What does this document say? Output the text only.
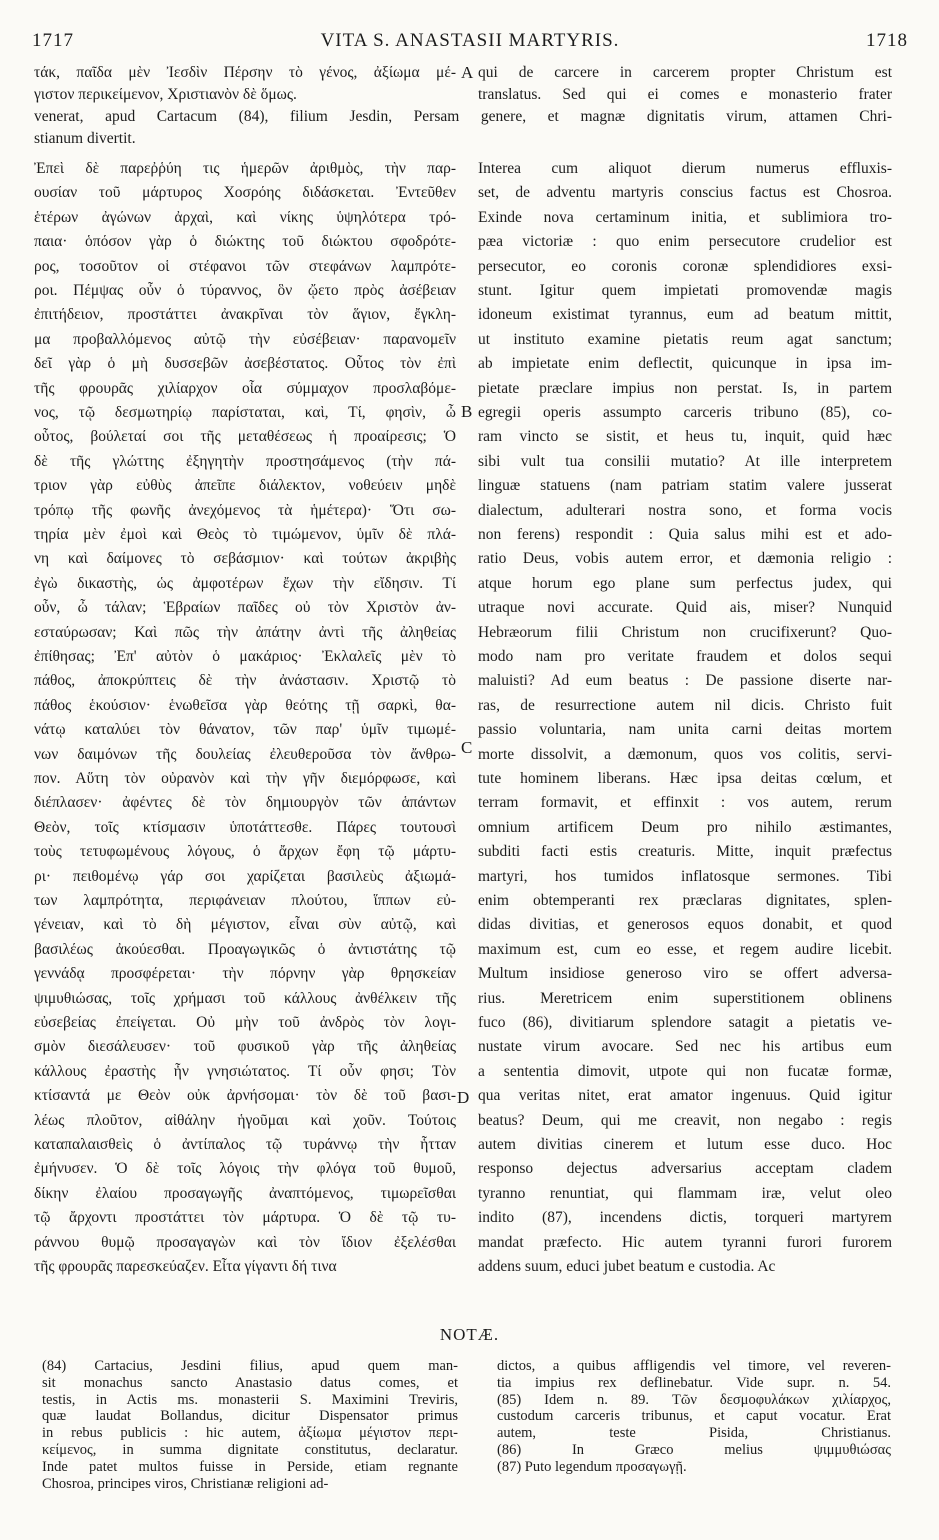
1717	VITA S. ANASTASII MARTYRIS.	1718
τάκ, παῖδα μὲν Ἰεσδὶν Πέρσην τὸ γένος, ἀξίωμα μέ-
γιστον περικείμενον, Χριστιανὸν δὲ ὅμως.
qui de carcere in carcerem propter Christum est
translatus. Sed qui ei comes e monasterio frater
venerat, apud Cartacum (84), filium Jesdin, Persam genere, et magnæ dignitatis virum, attamen Chri-
stianum divertit.
A
B
C
D
Ἐπεὶ δὲ παρεῤῥύη τις ἡμερῶν ἀριθμὸς, τὴν παρ-
ουσίαν τοῦ μάρτυρος Χοσρόης διδάσκεται. Ἐντεῦθεν
ἑτέρων ἀγώνων ἀρχαὶ, καὶ νίκης ὑψηλότερα τρό-
παια· ὁπόσον γὰρ ὁ διώκτης τοῦ διώκτου σφοδρότε-
ρος, τοσοῦτον οἱ στέφανοι τῶν στεφάνων λαμπρότε-
ροι. Πέμψας οὖν ὁ τύραννος, ὃν ᾤετο πρὸς ἀσέβειαν
ἐπιτήδειον, προστάττει ἀνακρῖναι τὸν ἅγιον, ἔγκλη-
μα προβαλλόμενος αὐτῷ τὴν εὐσέβειαν· παρανομεῖν
δεῖ γὰρ ὁ μὴ δυσσεβῶν ἀσεβέστατος. Οὗτος τὸν ἐπὶ
τῆς φρουρᾶς χιλίαρχον οἷα σύμμαχον προσλαβόμε-
νος, τῷ δεσμωτηρίῳ παρίσταται, καὶ, Τί, φησὶν, ὦ
οὗτος, βούλεταί σοι τῆς μεταθέσεως ἡ προαίρεσις; Ὁ
δὲ τῆς γλώττης ἐξηγητὴν προστησάμενος (τὴν πά-
τριον γὰρ εὐθὺς ἀπεῖπε διάλεκτον, νοθεύειν μηδὲ
τρόπῳ τῆς φωνῆς ἀνεχόμενος τὰ ἡμέτερα)· Ὅτι σω-
τηρία μὲν ἐμοὶ καὶ Θεὸς τὸ τιμώμενον, ὑμῖν δὲ πλά-
νη καὶ δαίμονες τὸ σεβάσμιον· καὶ τούτων ἀκριβὴς
ἐγὼ δικαστὴς, ὡς ἀμφοτέρων ἔχων τὴν εἴδησιν. Τί
οὖν, ὦ τάλαν; Ἑβραίων παῖδες οὐ τὸν Χριστὸν ἀν-
εσταύρωσαν; Καὶ πῶς τὴν ἀπάτην ἀντὶ τῆς ἀληθείας
ἐπίθησας; Ἐπ' αὐτὸν ὁ μακάριος· Ἐκλαλεῖς μὲν τὸ
πάθος, ἀποκρύπτεις δὲ τὴν ἀνάστασιν. Χριστῷ τὸ
πάθος ἑκούσιον· ἑνωθεῖσα γὰρ θεότης τῇ σαρκὶ, θα-
νάτῳ καταλύει τὸν θάνατον, τῶν παρ' ὑμῖν τιμωμέ-
νων δαιμόνων τῆς δουλείας ἐλευθεροῦσα τὸν ἄνθρω-
πον. Αὕτη τὸν οὐρανὸν καὶ τὴν γῆν διεμόρφωσε, καὶ
διέπλασεν· ἀφέντες δὲ τὸν δημιουργὸν τῶν ἁπάντων
Θεὸν, τοῖς κτίσμασιν ὑποτάττεσθε. Πάρες τουτουσὶ
τοὺς τετυφωμένους λόγους, ὁ ἄρχων ἔφη τῷ μάρτυ-
ρι· πειθομένῳ γάρ σοι χαρίζεται βασιλεὺς ἀξιωμά-
των λαμπρότητα, περιφάνειαν πλούτου, ἵππων εὐ-
γένειαν, καὶ τὸ δὴ μέγιστον, εἶναι σὺν αὐτῷ, καὶ
βασιλέως ἀκούεσθαι. Προαγωγικῶς ὁ ἀντιστάτης τῷ
γεννάδᾳ προσφέρεται· τὴν πόρνην γὰρ θρησκείαν
ψιμυθιώσας, τοῖς χρήμασι τοῦ κάλλους ἀνθέλκειν τῆς
εὐσεβείας ἐπείγεται. Οὐ μὴν τοῦ ἀνδρὸς τὸν λογι-
σμὸν διεσάλευσεν· τοῦ φυσικοῦ γὰρ τῆς ἀληθείας
κάλλους ἐραστὴς ἦν γνησιώτατος. Τί οὖν φησι; Τὸν
κτίσαντά με Θεὸν οὐκ ἀρνήσομαι· τὸν δὲ τοῦ βασι-
λέως πλοῦτον, αἰθάλην ἡγοῦμαι καὶ χοῦν. Τούτοις
καταπαλαισθεὶς ὁ ἀντίπαλος τῷ τυράννῳ τὴν ἧτταν
ἐμήνυσεν. Ὁ δὲ τοῖς λόγοις τὴν φλόγα τοῦ θυμοῦ,
δίκην ἐλαίου προσαγωγῆς ἀναπτόμενος, τιμωρεῖσθαι
τῷ ἄρχοντι προστάττει τὸν μάρτυρα. Ὁ δὲ τῷ τυ-
ράννου θυμῷ προσαγαγὼν καὶ τὸν ἴδιον ἐξελέσθαι
τῆς φρουρᾶς παρεσκεύαζεν. Εἶτα γίγαντι δή τινα
Interea cum aliquot dierum numerus effluxis-
set, de adventu martyris conscius factus est Chosroa.
Exinde nova certaminum initia, et sublimiora tro-
pæa victoriæ : quo enim persecutore crudelior est
persecutor, eo coronis coronæ splendidiores exsi-
stunt. Igitur quem impietati promovendæ magis
idoneum existimat tyrannus, eum ad beatum mittit,
ut instituto examine pietatis reum agat sanctum;
ab impietate enim deflectit, quicunque in ipsa im-
pietate præclare impius non perstat. Is, in partem
egregii operis assumpto carceris tribuno (85), co-
ram vincto se sistit, et heus tu, inquit, quid hæc
sibi vult tua consilii mutatio? At ille interpretem
linguæ statuens (nam patriam statim valere jusserat
dialectum, adulterari nostra sono, et forma vocis
non ferens) respondit : Quia salus mihi est et ado-
ratio Deus, vobis autem error, et dæmonia religio :
atque horum ego plane sum perfectus judex, qui
utraque novi accurate. Quid ais, miser? Nunquid
Hebræorum filii Christum non crucifixerunt? Quo-
modo nam pro veritate fraudem et dolos sequi
maluisti? Ad eum beatus : De passione diserte nar-
ras, de resurrectione autem nil dicis. Christo fuit
passio voluntaria, nam unita carni deitas mortem
morte dissolvit, a dæmonum, quos vos colitis, servi-
tute hominem liberans. Hæc ipsa deitas cœlum, et
terram formavit, et effinxit : vos autem, rerum
omnium artificem Deum pro nihilo æstimantes,
subditi facti estis creaturis. Mitte, inquit præfectus
martyri, hos tumidos inflatosque sermones. Tibi
enim obtemperanti rex præclaras dignitates, splen-
didas divitias, et generosos equos donabit, et quod
maximum est, cum eo esse, et regem audire licebit.
Multum insidiose generoso viro se offert adversa-
rius. Meretricem enim superstitionem oblinens
fuco (86), divitiarum splendore satagit a pietatis ve-
nustate virum avocare. Sed nec his artibus eum
a sententia dimovit, utpote qui non fucatæ formæ,
qua veritas nitet, erat amator ingenuus. Quid igitur
beatus? Deum, qui me creavit, non negabo : regis
autem divitias cinerem et lutum esse duco. Hoc
responso dejectus adversarius acceptam cladem
tyranno renuntiat, qui flammam iræ, velut oleo
indito (87), incendens dictis, torqueri martyrem
mandat præfecto. Hic autem tyranni furori furorem
addens suum, educi jubet beatum e custodia. Ac
NOTÆ.
(84) Cartacius, Jesdini filius, apud quem man-
sit monachus sancto Anastasio datus comes, et
testis, in Actis ms. monasterii S. Maximini Treviris,
quæ laudat Bollandus, dicitur Dispensator primus
in rebus publicis : hic autem, ἀξίωμα μέγιστον περι-
κείμενος, in summa dignitate constitutus, declaratur.
Inde patet multos fuisse in Perside, etiam regnante
Chosroa, principes viros, Christianæ religioni ad-
dictos, a quibus affligendis vel timore, vel reveren-
tia impius rex deflinebatur. Vide supr. n. 54.
(85) Idem n. 89. Τῶν δεσμοφυλάκων χιλίαρχος,
custodum carceris tribunus, et caput vocatur. Erat
autem, teste Pisida, Christianus.
(86) In Græco melius ψιμμυθιώσας
(87) Puto legendum προσαγωγῇ.
